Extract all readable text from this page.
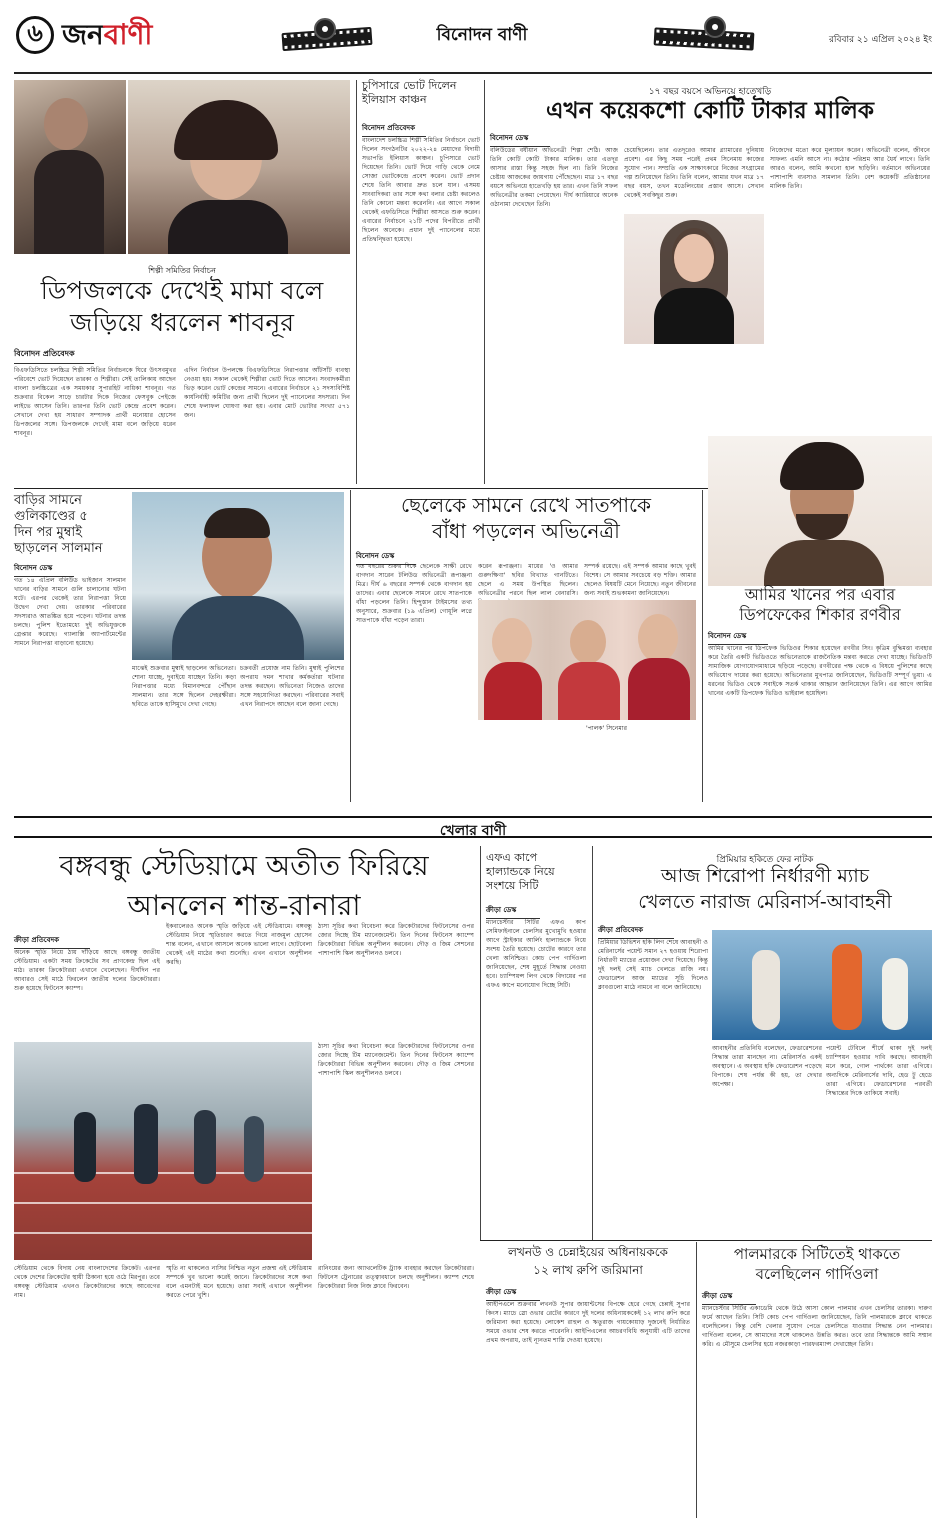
৬ জনবাণী	বিনোদন বাণী	রবিবার ২১ এপ্রিল ২০২৪ ইং
শিল্পী সমিতির নির্বাচন
ডিপজলকে দেখেই মামা বলে
জড়িয়ে ধরলেন শাবনূর
বিনোদন প্রতিবেদক
বিএফডিসিতে চলচ্চিত্র শিল্পী সমিতির নির্বাচনকে ঘিরে উৎসবমুখর পরিবেশে ভোট দিয়েছেন তারকা ও শিল্পীরা। সেই তালিকায় আছেন বাংলা চলচ্চিত্রের এক সময়কার সুপারহিট নায়িকা শাবনূর। গত শুক্রবার বিকেল সাড়ে চারটার দিকে নিজের ফেসবুক পেইজে লাইভে আসেন তিনি। তারপর তিনি ভোট কেন্দ্রে প্রবেশ করেন। সেখানে দেখা হয় সাধারণ সম্পাদক প্রার্থী মনোয়ার হোসেন ডিপজলের সঙ্গে। ডিপজলকে দেখেই মামা বলে জড়িয়ে ধরেন শাবনূর।
এদিন নির্বাচন উপলক্ষে বিএফডিসিতে নিরাপত্তার আঁটসাঁট ব্যবস্থা নেওয়া হয়। সকাল থেকেই শিল্পীরা ভোট দিতে আসেন। সংবাদকর্মীরা ভিড় করেন ভোট কেন্দ্রের সামনে। এবারের নির্বাচনে ২১ সদস্যবিশিষ্ট কার্যনির্বাহী কমিটির জন্য প্রার্থী ছিলেন দুই প্যানেলের সদস্যরা। দিন শেষে ফলাফল ঘোষণা করা হয়। এবার মোট ভোটার সংখ্যা ৫৭১ জন।
চুপিসারে ভোট দিলেন
ইলিয়াস কাঞ্চন
বিনোদন প্রতিবেদক
বাংলাদেশ চলচ্চিত্র শিল্পী সমিতির নির্বাচনে ভোট দিলেন সংগঠনটির ২০২২-২৪ মেয়াদের বিদায়ী সভাপতি ইলিয়াস কাঞ্চন। চুপিসারে ভোট দিয়েছেন তিনি। ভোট দিয়ে গাড়ি থেকে নেমে সোজা ভোটকেন্দ্রে প্রবেশ করেন। ভোট প্রদান শেষে তিনি আবার দ্রুত চলে যান। এসময় সাংবাদিকরা তার সঙ্গে কথা বলার চেষ্টা করলেও তিনি কোনো মন্তব্য করেননি। এর আগে সকাল থেকেই এফডিসিতে শিল্পীরা আসতে শুরু করেন। এবারের নির্বাচনে ২১টি পদের বিপরীতে প্রার্থী ছিলেন অনেকে। প্রধান দুই প্যানেলের মধ্যে প্রতিদ্বন্দ্বিতা হয়েছে।
১৭ বছর বয়সে অভিনয়ে হাতেখড়ি
এখন কয়েকশো কোটি টাকার মালিক
বিনোদন ডেস্ক
বলিউডের বর্ষীয়ান অভিনেত্রী শিল্পা শেঠি। আজ তিনি কোটি কোটি টাকার মালিক। তার এতদূর আসার রাস্তা কিন্তু সহজ ছিল না। তিনি নিজের চেষ্টায় আজকের জায়গায় পৌঁছেছেন। মাত্র ১৭ বছর বয়সে অভিনয়ে হাতেখড়ি হয় তার। এখন তিনি সফল অভিনেত্রীর তকমা পেয়েছেন। দীর্ঘ ক্যারিয়ারে অনেক ওঠানামা দেখেছেন তিনি।
চেয়েছিলেন। তার এতদূরেও আমার গ্ল্যামারের দুনিয়ায় প্রবেশ। এর কিছু সময় পরেই প্রথম সিনেমায় কাজের সুযোগ পান। সম্প্রতি এক সাক্ষাৎকারে নিজের সংগ্রামের গল্প শুনিয়েছেন তিনি। তিনি বলেন, আমার যখন মাত্র ১৭ বছর বয়স, তখন মডেলিংয়ের প্রস্তাব আসে। সেখান থেকেই সবকিছুর শুরু।
নিজেদের মতো করে মূল্যায়ন করেন। অভিনেত্রী বলেন, জীবনে সাফল্য এমনি আসে না। কঠোর পরিশ্রম আর ধৈর্য লাগে। তিনি আরও বলেন, আমি কখনো হাল ছাড়িনি। বর্তমানে অভিনয়ের পাশাপাশি ব্যবসাও সামলান তিনি। বেশ কয়েকটি প্রতিষ্ঠানের মালিক তিনি।
বাড়ির সামনে
গুলিকাণ্ডের ৫
দিন পর মুম্বাই
ছাড়লেন সালমান
বিনোদন ডেস্ক
গত ১৪ এপ্রিল বলিউড ভাইজান সালমান খানের বাড়ির সামনে গুলি চালানোর ঘটনা ঘটে। এরপর থেকেই তার নিরাপত্তা নিয়ে উদ্বেগ দেখা দেয়। তারকার পরিবারের সদস্যরাও আতঙ্কিত হয়ে পড়েন। ঘটনার তদন্ত চলছে। পুলিশ ইতোমধ্যে দুই অভিযুক্তকে গ্রেপ্তার করেছে। গ্যালাক্সি অ্যাপার্টমেন্টের সামনে নিরাপত্তা বাড়ানো হয়েছে।
মাঝেই শুক্রবার মুম্বাই ছাড়লেন অভিনেতা। শোনা যাচ্ছে, দুবাইয়ে যাচ্ছেন তিনি। কড়া নিরাপত্তার মধ্যে বিমানবন্দরে পৌঁছান সালমান। তার সঙ্গে ছিলেন দেহরক্ষীরা। ছবিতে তাকে হাসিমুখে দেখা গেছে।
চক্রবর্তী প্রযোজ নাম তিনি। মুম্বাই পুলিশের অপরাধ দমন শাখার কর্মকর্তারা ঘটনার তদন্ত করছেন। অভিনেতা নিজেও তাদের সঙ্গে সহযোগিতা করছেন। পরিবারের সবাই এখন নিরাপদে আছেন বলে জানা গেছে।
ছেলেকে সামনে রেখে সাতপাকে
বাঁধা পড়লেন অভিনেত্রী
বিনোদন ডেস্ক
গত বছরের শুরুর দিকে ছেলেকে সাক্ষী রেখে বাগদান সারেন টলিউড অভিনেত্রী রূপাঞ্জনা মিত্র। দীর্ঘ ৬ বছরের সম্পর্ক থেকে বাগদান হয় তাদের। এবার ছেলেকে সামনে রেখে সাতপাকে বাঁধা পড়লেন তিনি। হিন্দুস্তান টাইমসের তথ্য অনুসারে, শুক্রবার (১৯ এপ্রিল) গোধূলি লগ্নে সাতপাকে বাঁধা পড়েন তারা।
করেন রূপাঞ্জনা। মায়ের 'ও আমার গুরুদক্ষিণা' ছবির বিখ্যাত গানটিতে। ছেলে এ সময় উপস্থিত ছিলেন। অভিনেত্রীর পরনে ছিল লাল বেনারসি।
সম্পর্ক রয়েছে। এই সম্পর্ক আমার কাছে খুবই বিশেষ। সে আমার সবচেয়ে বড় শক্তি। আমার ছেলেও বিষয়টি মেনে নিয়েছে। নতুন জীবনের জন্য সবাই শুভকামনা জানিয়েছেন।
'পালক' সিনেমার
আমির খানের পর এবার
ডিপফেকের শিকার রণবীর
বিনোদন ডেস্ক
আমির খানের পর ডিপফেক ভিডিওর শিকার হয়েছেন রণবীর সিং। কৃত্রিম বুদ্ধিমত্তা ব্যবহার করে তৈরি একটি ভিডিওতে অভিনেতাকে রাজনৈতিক মন্তব্য করতে দেখা যাচ্ছে। ভিডিওটি সামাজিক যোগাযোগমাধ্যমে ছড়িয়ে পড়েছে। রণবীরের পক্ষ থেকে এ বিষয়ে পুলিশের কাছে অভিযোগ দায়ের করা হয়েছে। অভিনেতার মুখপাত্র জানিয়েছেন, ভিডিওটি সম্পূর্ণ ভুয়া। এ ধরনের ভিডিও থেকে সবাইকে সতর্ক থাকার আহ্বান জানিয়েছেন তিনি। এর আগে আমির খানের একটি ডিপফেক ভিডিও ভাইরাল হয়েছিল।
খেলার বাণী
বঙ্গবন্ধু স্টেডিয়ামে অতীত ফিরিয়ে
আনলেন শান্ত-রানারা
ক্রীড়া প্রতিবেদক
অনেক স্মৃতি নিয়ে ঠায় দাঁড়িয়ে আছে বঙ্গবন্ধু জাতীয় স্টেডিয়াম। একটা সময় ক্রিকেটের সব প্রাণকেন্দ্র ছিল এই মাঠ। তারকা ক্রিকেটাররা এখানে খেলেছেন। দীর্ঘদিন পর আবারও সেই মাঠে ফিরলেন জাতীয় দলের ক্রিকেটাররা। শুরু হয়েছে ফিটনেস ক্যাম্প।
ইকবালেরও অনেক স্মৃতি জড়িয়ে এই স্টেডিয়ামে। বঙ্গবন্ধু স্টেডিয়াম নিয়ে স্মৃতিচারণ করতে গিয়ে নাজমুল হোসেন শান্ত বলেন, এখানে আসলে অনেক ভালো লাগে। ছোটবেলা থেকেই এই মাঠের কথা শুনেছি। এখন এখানে অনুশীলন করছি।
ঠাসা সূচির কথা বিবেচনা করে ক্রিকেটারদের ফিটনেসের ওপর জোর দিচ্ছে টিম ম্যানেজমেন্ট। তিন দিনের ফিটনেস ক্যাম্পে ক্রিকেটাররা বিভিন্ন অনুশীলন করবেন। দৌড় ও জিম সেশনের পাশাপাশি স্কিল অনুশীলনও চলবে।
ঠাসা সূচির কথা বিবেচনা করে ক্রিকেটারদের ফিটনেসের ওপর জোর দিচ্ছে টিম ম্যানেজমেন্ট। তিন দিনের ফিটনেস ক্যাম্পে ক্রিকেটাররা বিভিন্ন অনুশীলন করবেন। দৌড় ও জিম সেশনের পাশাপাশি স্কিল অনুশীলনও চলবে।
স্টেডিয়াম থেকে বিদায় নেয় বাংলাদেশের ক্রিকেট। এরপর থেকে দেশের ক্রিকেটের স্থায়ী ঠিকানা হয়ে ওঠে মিরপুর। তবে বঙ্গবন্ধু স্টেডিয়াম এখনও ক্রিকেটারদের কাছে আবেগের নাম।
স্মৃতি না থাকলেও নাসির নিশ্চিত নতুন প্রজন্ম এই স্টেডিয়াম সম্পর্কে খুব ভালো করেই জানে। ক্রিকেটারদের সঙ্গে কথা বলে এমনটাই মনে হয়েছে। তারা সবাই এখানে অনুশীলন করতে পেরে খুশি।
রানিংয়ের জন্য অ্যাথলেটিক ট্র্যাক ব্যবহার করছেন ক্রিকেটাররা। ফিটনেস ট্রেনারের তত্ত্বাবধানে চলছে অনুশীলন। ক্যাম্প শেষে ক্রিকেটাররা নিজ নিজ ক্লাবে ফিরবেন।
এফএ কাপে
হাল্যান্ডকে নিয়ে
সংশয়ে সিটি
ক্রীড়া ডেস্ক
ম্যানচেস্টার সিটির এফএ কাপ সেমিফাইনালে চেলসির মুখোমুখি হওয়ার আগে স্ট্রাইকার আর্লিং হাল্যান্ডকে নিয়ে সংশয় তৈরি হয়েছে। চোটের কারণে তার খেলা অনিশ্চিত। কোচ পেপ গার্দিওলা জানিয়েছেন, শেষ মুহূর্তে সিদ্ধান্ত নেওয়া হবে। চ্যাম্পিয়ন্স লিগ থেকে বিদায়ের পর এফএ কাপে মনোযোগ দিচ্ছে সিটি।
প্রিমিয়ার হকিতে ফের নাটক
আজ শিরোপা নির্ধারণী ম্যাচ
খেলতে নারাজ মেরিনার্স-আবাহনী
ক্রীড়া প্রতিবেদক
প্রিমিয়ার ডিভিশন হকি লিগ শেষে আবাহনী ও মেরিনার্সের পয়েন্ট সমান ২৭ হওয়ায় শিরোপা নির্ধারণী ম্যাচের প্রয়োজন দেখা দিয়েছে। কিন্তু দুই দলই সেই ম্যাচ খেলতে রাজি নয়। ফেডারেশন আজ ম্যাচের সূচি দিলেও ক্লাবগুলো মাঠে নামবে না বলে জানিয়েছে।
আবাহনীর প্রতিনিধি বলেছেন, ফেডারেশনের সিদ্ধান্ত তারা মানছেন না। মেরিনার্সও একই অবস্থানে। এ অবস্থায় হকি ফেডারেশন পড়েছে বিপাকে। শেষ পর্যন্ত কী হয়, তা দেখার অপেক্ষা।
পয়েন্ট টেবিলে শীর্ষে থাকা দুই দলই চ্যাম্পিয়ন হওয়ার দাবি করছে। আবাহনী মনে করে, গোল পার্থক্যে তারা এগিয়ে। অন্যদিকে মেরিনার্সের দাবি, হেড টু হেডে তারা এগিয়ে। ফেডারেশনের পরবর্তী সিদ্ধান্তের দিকে তাকিয়ে সবাই।
লখনউ ও চেন্নাইয়ের অধিনায়ককে
১২ লাখ রুপি জরিমানা
ক্রীড়া ডেস্ক
আইপিএলে শুক্রবার লখনউ সুপার জায়ান্টসের বিপক্ষে হেরে গেছে চেন্নাই সুপার কিংস। ম্যাচে স্লো ওভার রেটের কারণে দুই দলের অধিনায়ককেই ১২ লাখ রুপি করে জরিমানা করা হয়েছে। লোকেশ রাহুল ও ঋতুরাজ গায়কোয়াড় দুজনেই নির্ধারিত সময়ে ওভার শেষ করতে পারেননি। আইপিএলের আচরণবিধি অনুযায়ী এটি তাদের প্রথম অপরাধ, তাই ন্যূনতম শাস্তি দেওয়া হয়েছে।
পালমারকে সিটিতেই থাকতে
বলেছিলেন গার্দিওলা
ক্রীড়া ডেস্ক
ম্যানচেস্টার সিটির একাডেমি থেকে উঠে আসা কোল পালমার এখন চেলসির তারকা। দারুণ ফর্মে আছেন তিনি। সিটি কোচ পেপ গার্দিওলা জানিয়েছেন, তিনি পালমারকে ক্লাবে থাকতে বলেছিলেন। কিন্তু বেশি খেলার সুযোগ পেতে চেলসিতে যাওয়ার সিদ্ধান্ত নেন পালমার। গার্দিওলা বলেন, সে আমাদের সঙ্গে থাকলেও উন্নতি করত। তবে তার সিদ্ধান্তকে আমি সম্মান করি। এ মৌসুমে চেলসির হয়ে নজরকাড়া পারফরম্যান্স দেখাচ্ছেন তিনি।
